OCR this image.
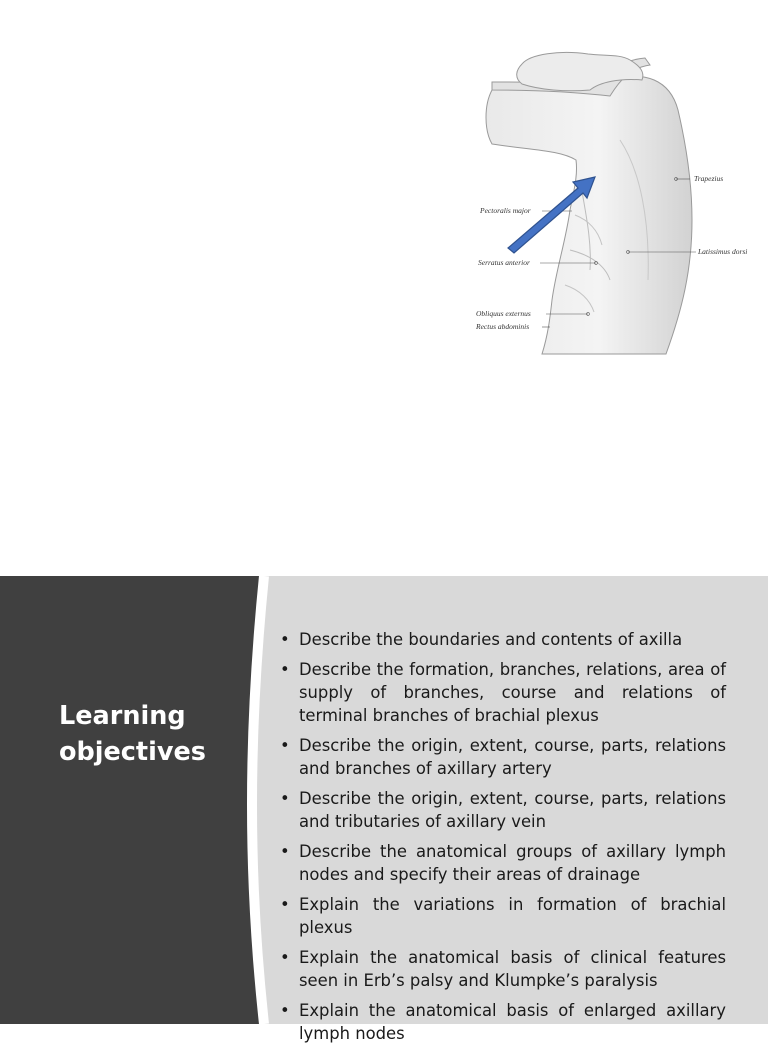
Pectoralis major
Serratus anterior
Obliquus externus
Rectus abdominis
Trapezius
Latissimus dorsi
Learning
objectives
• Describe the boundaries and contents of axilla
• Describe the formation, branches, relations, area of supply of branches, course and relations of terminal branches of brachial plexus
• Describe the origin, extent, course, parts, relations and branches of axillary artery
• Describe the origin, extent, course, parts, relations and tributaries of axillary vein
• Describe the anatomical groups of axillary lymph nodes and specify their areas of drainage
• Explain the variations in formation of brachial plexus
• Explain the anatomical basis of clinical features seen in Erb’s palsy and Klumpke’s paralysis
• Explain the anatomical basis of enlarged axillary lymph nodes
